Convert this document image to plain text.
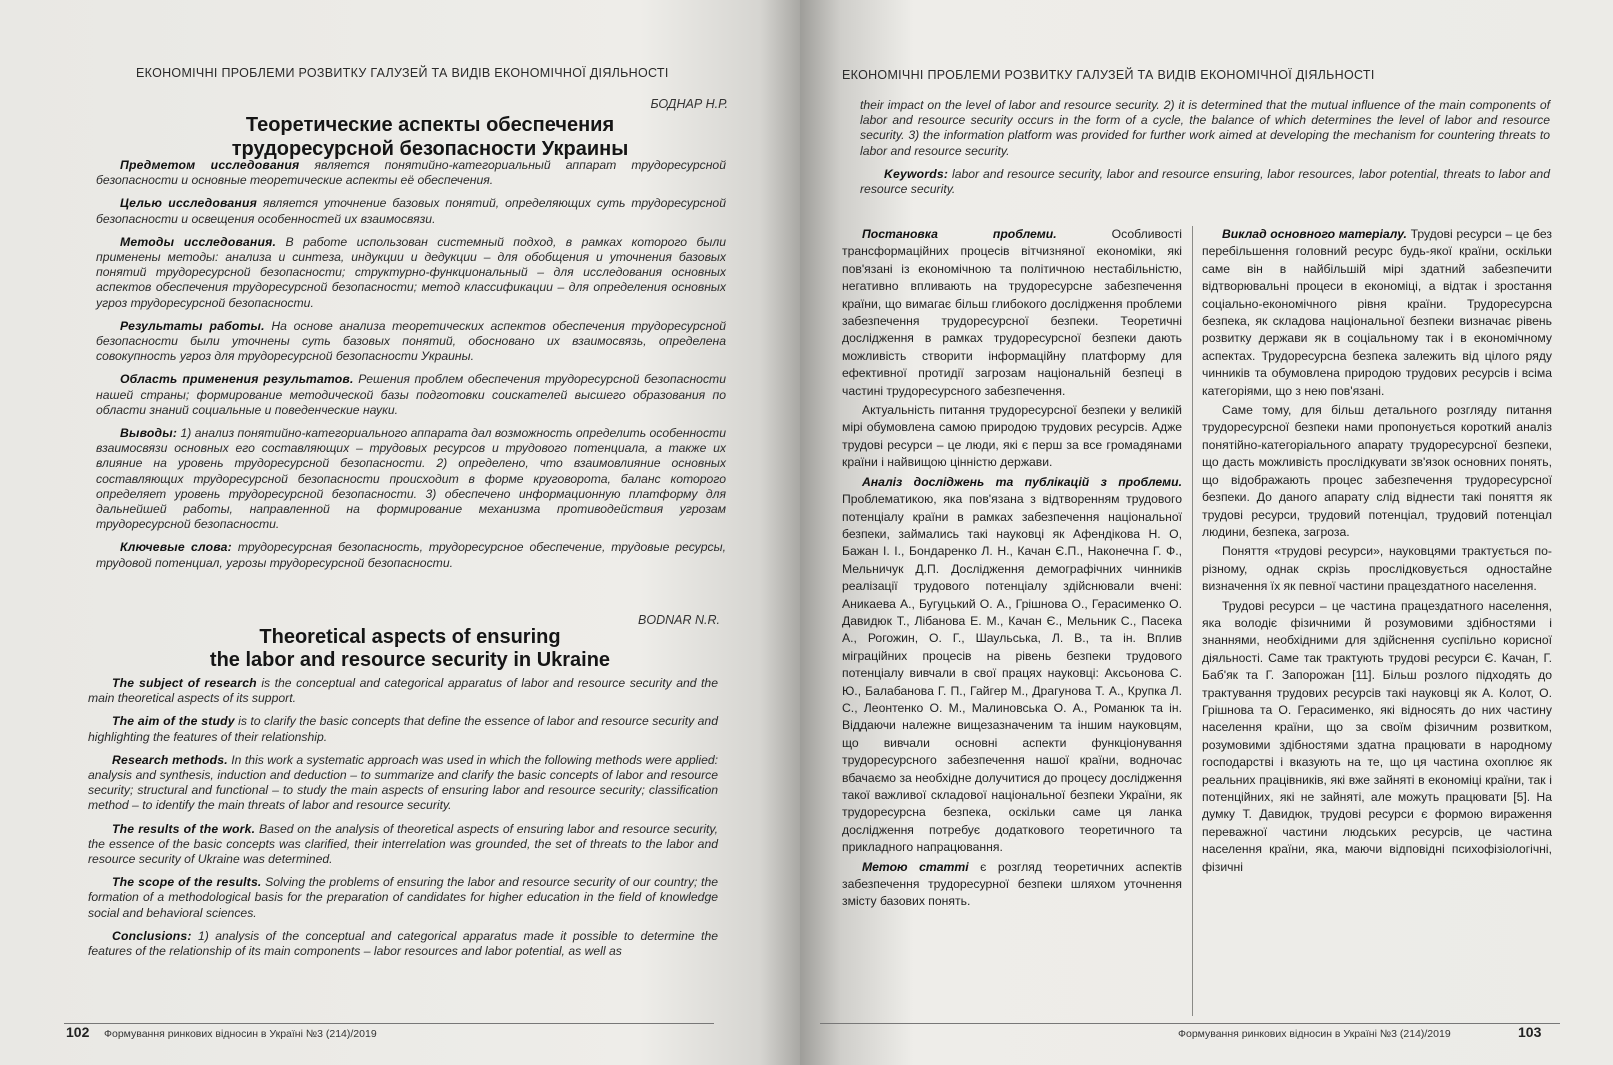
ЕКОНОМІЧНІ ПРОБЛЕМИ РОЗВИТКУ ГАЛУЗЕЙ ТА ВИДІВ ЕКОНОМІЧНОЇ ДІЯЛЬНОСТІ
БОДНАР Н.Р.
Теоретические аспекты обеспечения
трудоресурсной безопасности Украины

Предметом исследования является понятийно-категориальный аппарат трудоресурсной безопасности и основные теоретические аспекты её обеспечения.

Целью исследования является уточнение базовых понятий, определяющих суть трудоресурсной безопасности и освещения особенностей их взаимосвязи.

Методы исследования. В работе использован системный подход, в рамках которого были применены методы: анализа и синтеза, индукции и дедукции – для обобщения и уточнения базовых понятий трудоресурсной безопасности; структурно-функциональный – для исследования основных аспектов обеспечения трудоресурсной безопасности; метод классификации – для определения основных угроз трудоресурсной безопасности.

Результаты работы. На основе анализа теоретических аспектов обеспечения трудоресурсной безопасности были уточнены суть базовых понятий, обосновано их взаимосвязь, определена совокупность угроз для трудоресурсной безопасности Украины.

Область применения результатов. Решения проблем обеспечения трудоресурсной безопасности нашей страны; формирование методической базы подготовки соискателей высшего образования по области знаний социальные и поведенческие науки.

Выводы: 1) анализ понятийно-категориального аппарата дал возможность определить особенности взаимосвязи основных его составляющих – трудовых ресурсов и трудового потенциала, а также их влияние на уровень трудоресурсной безопасности. 2) определено, что взаимовлияние основных составляющих трудоресурсной безопасности происходит в форме круговорота, баланс которого определяет уровень трудоресурсной безопасности. 3) обеспечено информационную платформу для дальнейшей работы, направленной на формирование механизма противодействия угрозам трудоресурсной безопасности.

Ключевые слова: трудоресурсная безопасность, трудоресурсное обеспечение, трудовые ресурсы, трудовой потенциал, угрозы трудоресурсной безопасности.

BODNAR N.R.
Theoretical aspects of ensuring
the labor and resource security in Ukraine

The subject of research is the conceptual and categorical apparatus of labor and resource security and the main theoretical aspects of its support.

The aim of the study is to clarify the basic concepts that define the essence of labor and resource security and highlighting the features of their relationship.

Research methods. In this work a systematic approach was used in which the following methods were applied: analysis and synthesis, induction and deduction – to summarize and clarify the basic concepts of labor and resource security; structural and functional – to study the main aspects of ensuring labor and resource security; classification method – to identify the main threats of labor and resource security.

The results of the work. Based on the analysis of theoretical aspects of ensuring labor and resource security, the essence of the basic concepts was clarified, their interrelation was grounded, the set of threats to the labor and resource security of Ukraine was determined.

The scope of the results. Solving the problems of ensuring the labor and resource security of our country; the formation of a methodological basis for the preparation of candidates for higher education in the field of knowledge social and behavioral sciences.

Conclusions: 1) analysis of the conceptual and categorical apparatus made it possible to determine the features of the relationship of its main components – labor resources and labor potential, as well as

102 Формування ринкових відносин в Україні №3 (214)/2019
ЕКОНОМІЧНІ ПРОБЛЕМИ РОЗВИТКУ ГАЛУЗЕЙ ТА ВИДІВ ЕКОНОМІЧНОЇ ДІЯЛЬНОСТІ

their impact on the level of labor and resource security. 2) it is determined that the mutual influence of the main components of labor and resource security occurs in the form of a cycle, the balance of which determines the level of labor and resource security. 3) the information platform was provided for further work aimed at developing the mechanism for countering threats to labor and resource security.

Keywords: labor and resource security, labor and resource ensuring, labor resources, labor potential, threats to labor and resource security.

Постановка проблеми. Особливості трансформаційних процесів вітчизняної економіки, які пов'язані із економічною та політичною нестабільністю, негативно впливають на трудоресурсне забезпечення країни, що вимагає більш глибокого дослідження проблеми забезпечення трудоресурсної безпеки. Теоретичні дослідження в рамках трудоресурсної безпеки дають можливість створити інформаційну платформу для ефективної протидії загрозам національній безпеці в частині трудоресурсного забезпечення.

Актуальність питання трудоресурсної безпеки у великій мірі обумовлена самою природою трудових ресурсів. Адже трудові ресурси – це люди, які є перш за все громадянами країни і найвищою цінністю держави.

Аналіз досліджень та публікацій з проблеми. Проблематикою, яка пов'язана з відтворенням трудового потенціалу країни в рамках забезпечення національної безпеки, займались такі науковці як Афендікова Н. О, Бажан І. І., Бондаренко Л. Н., Качан Є.П., Наконечна Г. Ф., Мельничук Д.П. Дослідження демографічних чинників реалізації трудового потенціалу здійснювали вчені: Аникаева А., Бугуцький О. А., Грішнова О., Герасименко О. Давидюк Т., Лібанова Е. М., Качан Є., Мельник С., Пасека А., Рогожин, О. Г., Шаульська, Л. В., та ін. Вплив міграційних процесів на рівень безпеки трудового потенціалу вивчали в свої працях науковці: Аксьонова С. Ю., Балабанова Г. П., Гайгер М., Драгунова Т. А., Крупка Л. С., Леонтенко О. М., Малиновська О. А., Романюк та ін. Віддаючи належне вищезазначеним та іншим науковцям, що вивчали основні аспекти функціонування трудоресурсного забезпечення нашої країни, водночас вбачаємо за необхідне долучитися до процесу дослідження такої важливої складової національної безпеки України, як трудоресурсна безпека, оскільки саме ця ланка дослідження потребує додаткового теоретичного та прикладного напрацювання.

Метою статті є розгляд теоретичних аспектів забезпечення трудоресурної безпеки шляхом уточнення змісту базових понять.

Виклад основного матеріалу. Трудові ресурси – це без перебільшення головний ресурс будь-якої країни, оскільки саме він в найбільшій мірі здатний забезпечити відтворювальні процеси в економіці, а відтак і зростання соціально-економічного рівня країни. Трудоресурсна безпека, як складова національної безпеки визначає рівень розвитку держави як в соціальному так і в економічному аспектах. Трудоресурсна безпека залежить від цілого ряду чинників та обумовлена природою трудових ресурсів і всіма категоріями, що з нею пов'язані.

Саме тому, для більш детального розгляду питання трудоресурсної безпеки нами пропонується короткий аналіз понятійно-категоріального апарату трудоресурсної безпеки, що дасть можливість прослідкувати зв'язок основних понять, що відображають процес забезпечення трудоресурсної безпеки. До даного апарату слід віднести такі поняття як трудові ресурси, трудовий потенціал, трудовий потенціал людини, безпека, загроза.

Поняття «трудові ресурси», науковцями трактується по-різному, однак скрізь прослідковується одностайне визначення їх як певної частини працездатного населення.

Трудові ресурси – це частина працездатного населення, яка володіє фізичними й розумовими здібностями і знаннями, необхідними для здійснення суспільно корисної діяльності. Саме так трактують трудові ресурси Є. Качан, Г. Баб'як та Г. Запорожан [11]. Більш розлого підходять до трактування трудових ресурсів такі науковці як А. Колот, О. Грішнова та О. Герасименко, які відносять до них частину населення країни, що за своїм фізичним розвитком, розумовими здібностями здатна працювати в народному господарстві і вказують на те, що ця частина охоплює як реальних працівників, які вже зайняті в економіці країни, так і потенційних, які не зайняті, але можуть працювати [5]. На думку Т. Давидюк, трудові ресурси є формою вираження переважної частини людських ресурсів, це частина населення країни, яка, маючи відповідні психофізіологічні, фізичні

Формування ринкових відносин в Україні №3 (214)/2019	103
